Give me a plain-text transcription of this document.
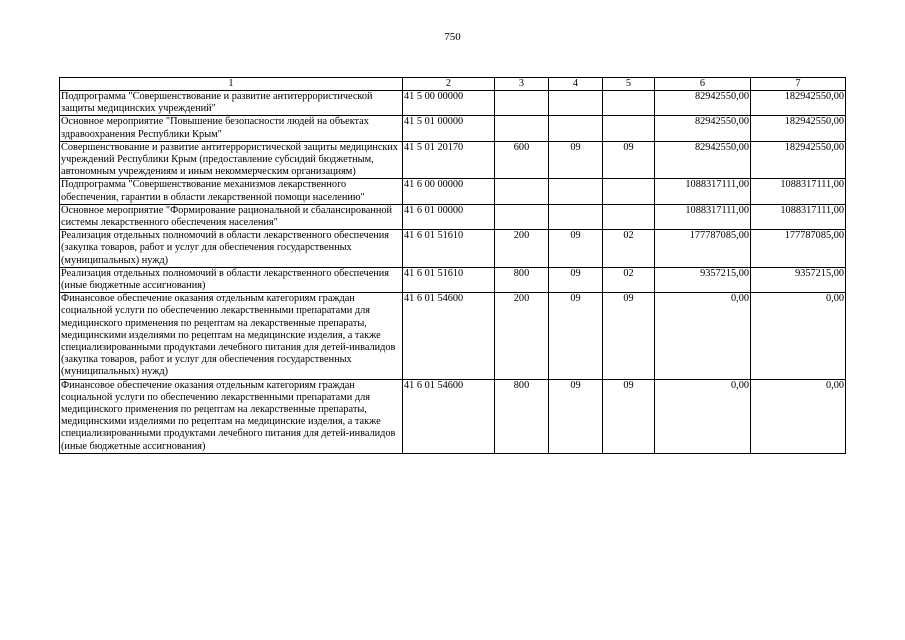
750
1	2	3	4	5	6	7
Подпрограмма "Совершенствование и развитие антитеррористической защиты медицинских учреждений"	41 5 00 00000				82942550,00	182942550,00
Основное мероприятие "Повышение безопасности людей на объектах здравоохранения Республики Крым"	41 5 01 00000				82942550,00	182942550,00
Совершенствование и развитие антитеррористической защиты медицинских учреждений Республики Крым (предоставление субсидий бюджетным, автономным учреждениям и иным некоммерческим организациям)	41 5 01 20170	600	09	09	82942550,00	182942550,00
Подпрограмма "Совершенствование механизмов лекарственного обеспечения, гарантии в области лекарственной помощи населению"	41 6 00 00000				1088317111,00	1088317111,00
Основное мероприятие "Формирование рациональной и сбалансированной системы лекарственного обеспечения населения"	41 6 01 00000				1088317111,00	1088317111,00
Реализация отдельных полномочий в области лекарственного обеспечения (закупка товаров, работ и услуг для обеспечения государственных (муниципальных) нужд)	41 6 01 51610	200	09	02	177787085,00	177787085,00
Реализация отдельных полномочий в области лекарственного обеспечения (иные бюджетные ассигнования)	41 6 01 51610	800	09	02	9357215,00	9357215,00
Финансовое обеспечение оказания отдельным категориям граждан социальной услуги по обеспечению лекарственными препаратами для медицинского применения по рецептам на лекарственные препараты, медицинскими изделиями по рецептам на медицинские изделия, а также специализированными продуктами лечебного питания для детей-инвалидов (закупка товаров, работ и услуг для обеспечения государственных (муниципальных) нужд)	41 6 01 54600	200	09	09	0,00	0,00
Финансовое обеспечение оказания отдельным категориям граждан социальной услуги по обеспечению лекарственными препаратами для медицинского применения по рецептам на лекарственные препараты, медицинскими изделиями по рецептам на медицинские изделия, а также специализированными продуктами лечебного питания для детей-инвалидов (иные бюджетные ассигнования)	41 6 01 54600	800	09	09	0,00	0,00
